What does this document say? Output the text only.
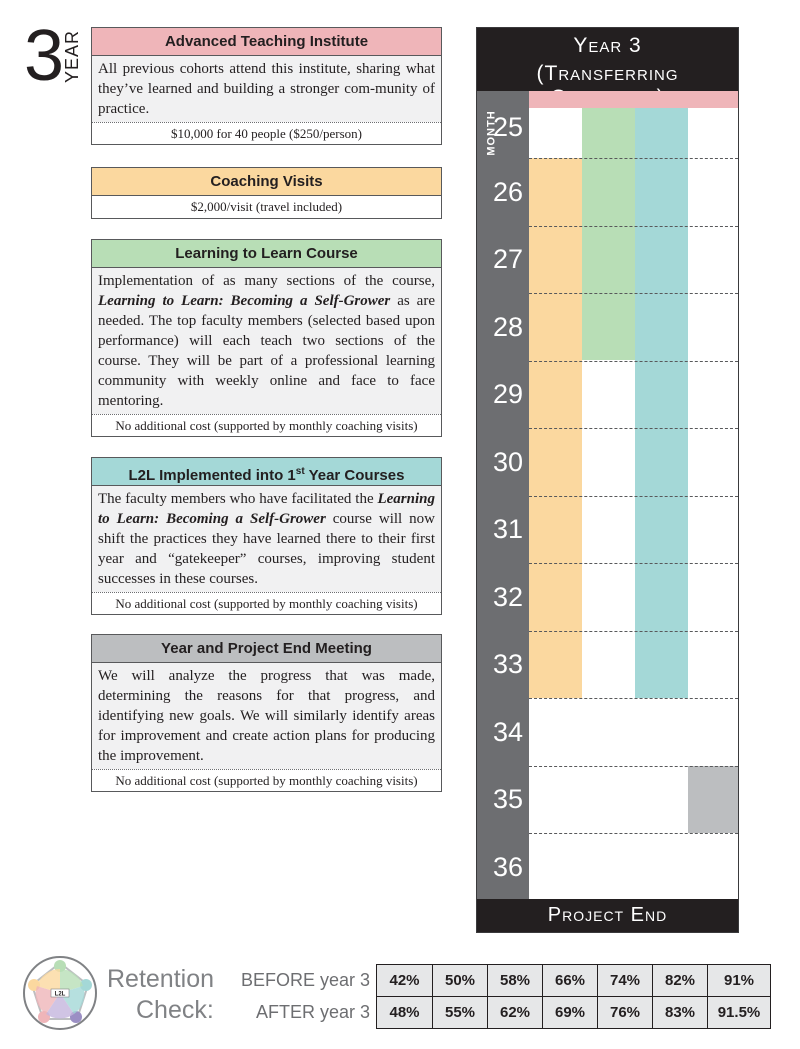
3
YEAR	Advanced Teaching Institute
All previous cohorts attend this institute, sharing what they’ve learned and building a stronger com-munity of practice.
$10,000 for 40 people ($250/person)
Coaching Visits
$2,000/visit (travel included)
Learning to Learn Course
Implementation of as many sections of the course, Learning to Learn: Becoming a Self-Grower as are needed. The top faculty members (selected based upon performance) will each teach two sections of the course. They will be part of a professional learning community with weekly online and face to face mentoring.
No additional cost (supported by monthly coaching visits)
L2L Implemented into 1st Year Courses
The faculty members who have facilitated the Learning to Learn: Becoming a Self-Grower course will now shift the practices they have learned there to their first year and “gatekeeper” courses, improving student successes in these courses.
No additional cost (supported by monthly coaching visits)
Year and Project End Meeting
We will analyze the progress that was made, determining the reasons for that progress, and identifying new goals. We will similarly identify areas for improvement and create action plans for producing the improvement.
No additional cost (supported by monthly coaching visits)
Year 3
(Transferring
MONTH
25
26
27
28
29
30
31
32
33
34
35
36
Project End
L2L
Retention
Check:
BEFORE year 3
AFTER year 3
42%	50%	58%	66%	74%	82%	91%
48%	55%	62%	69%	76%	83%	91.5%
